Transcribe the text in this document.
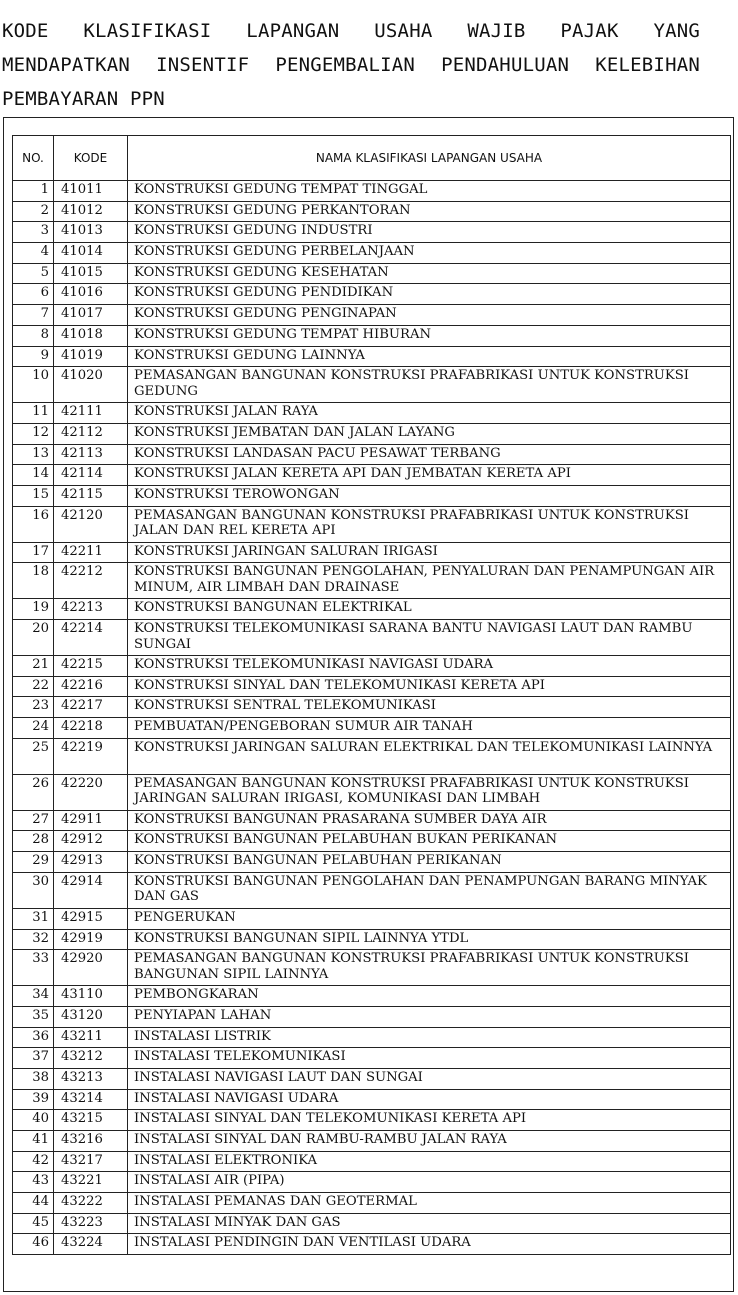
KODE KLASIFIKASI LAPANGAN USAHA WAJIB PAJAK YANG MENDAPATKAN INSENTIF PENGEMBALIAN PENDAHULUAN KELEBIHAN PEMBAYARAN PPN
NO.	KODE	NAMA KLASIFIKASI LAPANGAN USAHA
1	41011	KONSTRUKSI GEDUNG TEMPAT TINGGAL
2	41012	KONSTRUKSI GEDUNG PERKANTORAN
3	41013	KONSTRUKSI GEDUNG INDUSTRI
4	41014	KONSTRUKSI GEDUNG PERBELANJAAN
5	41015	KONSTRUKSI GEDUNG KESEHATAN
6	41016	KONSTRUKSI GEDUNG PENDIDIKAN
7	41017	KONSTRUKSI GEDUNG PENGINAPAN
8	41018	KONSTRUKSI GEDUNG TEMPAT HIBURAN
9	41019	KONSTRUKSI GEDUNG LAINNYA
10	41020	PEMASANGAN BANGUNAN KONSTRUKSI PRAFABRIKASI UNTUK KONSTRUKSI GEDUNG
11	42111	KONSTRUKSI JALAN RAYA
12	42112	KONSTRUKSI JEMBATAN DAN JALAN LAYANG
13	42113	KONSTRUKSI LANDASAN PACU PESAWAT TERBANG
14	42114	KONSTRUKSI JALAN KERETA API DAN JEMBATAN KERETA API
15	42115	KONSTRUKSI TEROWONGAN
16	42120	PEMASANGAN BANGUNAN KONSTRUKSI PRAFABRIKASI UNTUK KONSTRUKSI JALAN DAN REL KERETA API
17	42211	KONSTRUKSI JARINGAN SALURAN IRIGASI
18	42212	KONSTRUKSI BANGUNAN PENGOLAHAN, PENYALURAN DAN PENAMPUNGAN AIR MINUM, AIR LIMBAH DAN DRAINASE
19	42213	KONSTRUKSI BANGUNAN ELEKTRIKAL
20	42214	KONSTRUKSI TELEKOMUNIKASI SARANA BANTU NAVIGASI LAUT DAN RAMBU SUNGAI
21	42215	KONSTRUKSI TELEKOMUNIKASI NAVIGASI UDARA
22	42216	KONSTRUKSI SINYAL DAN TELEKOMUNIKASI KERETA API
23	42217	KONSTRUKSI SENTRAL TELEKOMUNIKASI
24	42218	PEMBUATAN/PENGEBORAN SUMUR AIR TANAH
25	42219	KONSTRUKSI JARINGAN SALURAN ELEKTRIKAL DAN TELEKOMUNIKASI LAINNYA
26	42220	PEMASANGAN BANGUNAN KONSTRUKSI PRAFABRIKASI UNTUK KONSTRUKSI JARINGAN SALURAN IRIGASI, KOMUNIKASI DAN LIMBAH
27	42911	KONSTRUKSI BANGUNAN PRASARANA SUMBER DAYA AIR
28	42912	KONSTRUKSI BANGUNAN PELABUHAN BUKAN PERIKANAN
29	42913	KONSTRUKSI BANGUNAN PELABUHAN PERIKANAN
30	42914	KONSTRUKSI BANGUNAN PENGOLAHAN DAN PENAMPUNGAN BARANG MINYAK DAN GAS
31	42915	PENGERUKAN
32	42919	KONSTRUKSI BANGUNAN SIPIL LAINNYA YTDL
33	42920	PEMASANGAN BANGUNAN KONSTRUKSI PRAFABRIKASI UNTUK KONSTRUKSI BANGUNAN SIPIL LAINNYA
34	43110	PEMBONGKARAN
35	43120	PENYIAPAN LAHAN
36	43211	INSTALASI LISTRIK
37	43212	INSTALASI TELEKOMUNIKASI
38	43213	INSTALASI NAVIGASI LAUT DAN SUNGAI
39	43214	INSTALASI NAVIGASI UDARA
40	43215	INSTALASI SINYAL DAN TELEKOMUNIKASI KERETA API
41	43216	INSTALASI SINYAL DAN RAMBU-RAMBU JALAN RAYA
42	43217	INSTALASI ELEKTRONIKA
43	43221	INSTALASI AIR (PIPA)
44	43222	INSTALASI PEMANAS DAN GEOTERMAL
45	43223	INSTALASI MINYAK DAN GAS
46	43224	INSTALASI PENDINGIN DAN VENTILASI UDARA
